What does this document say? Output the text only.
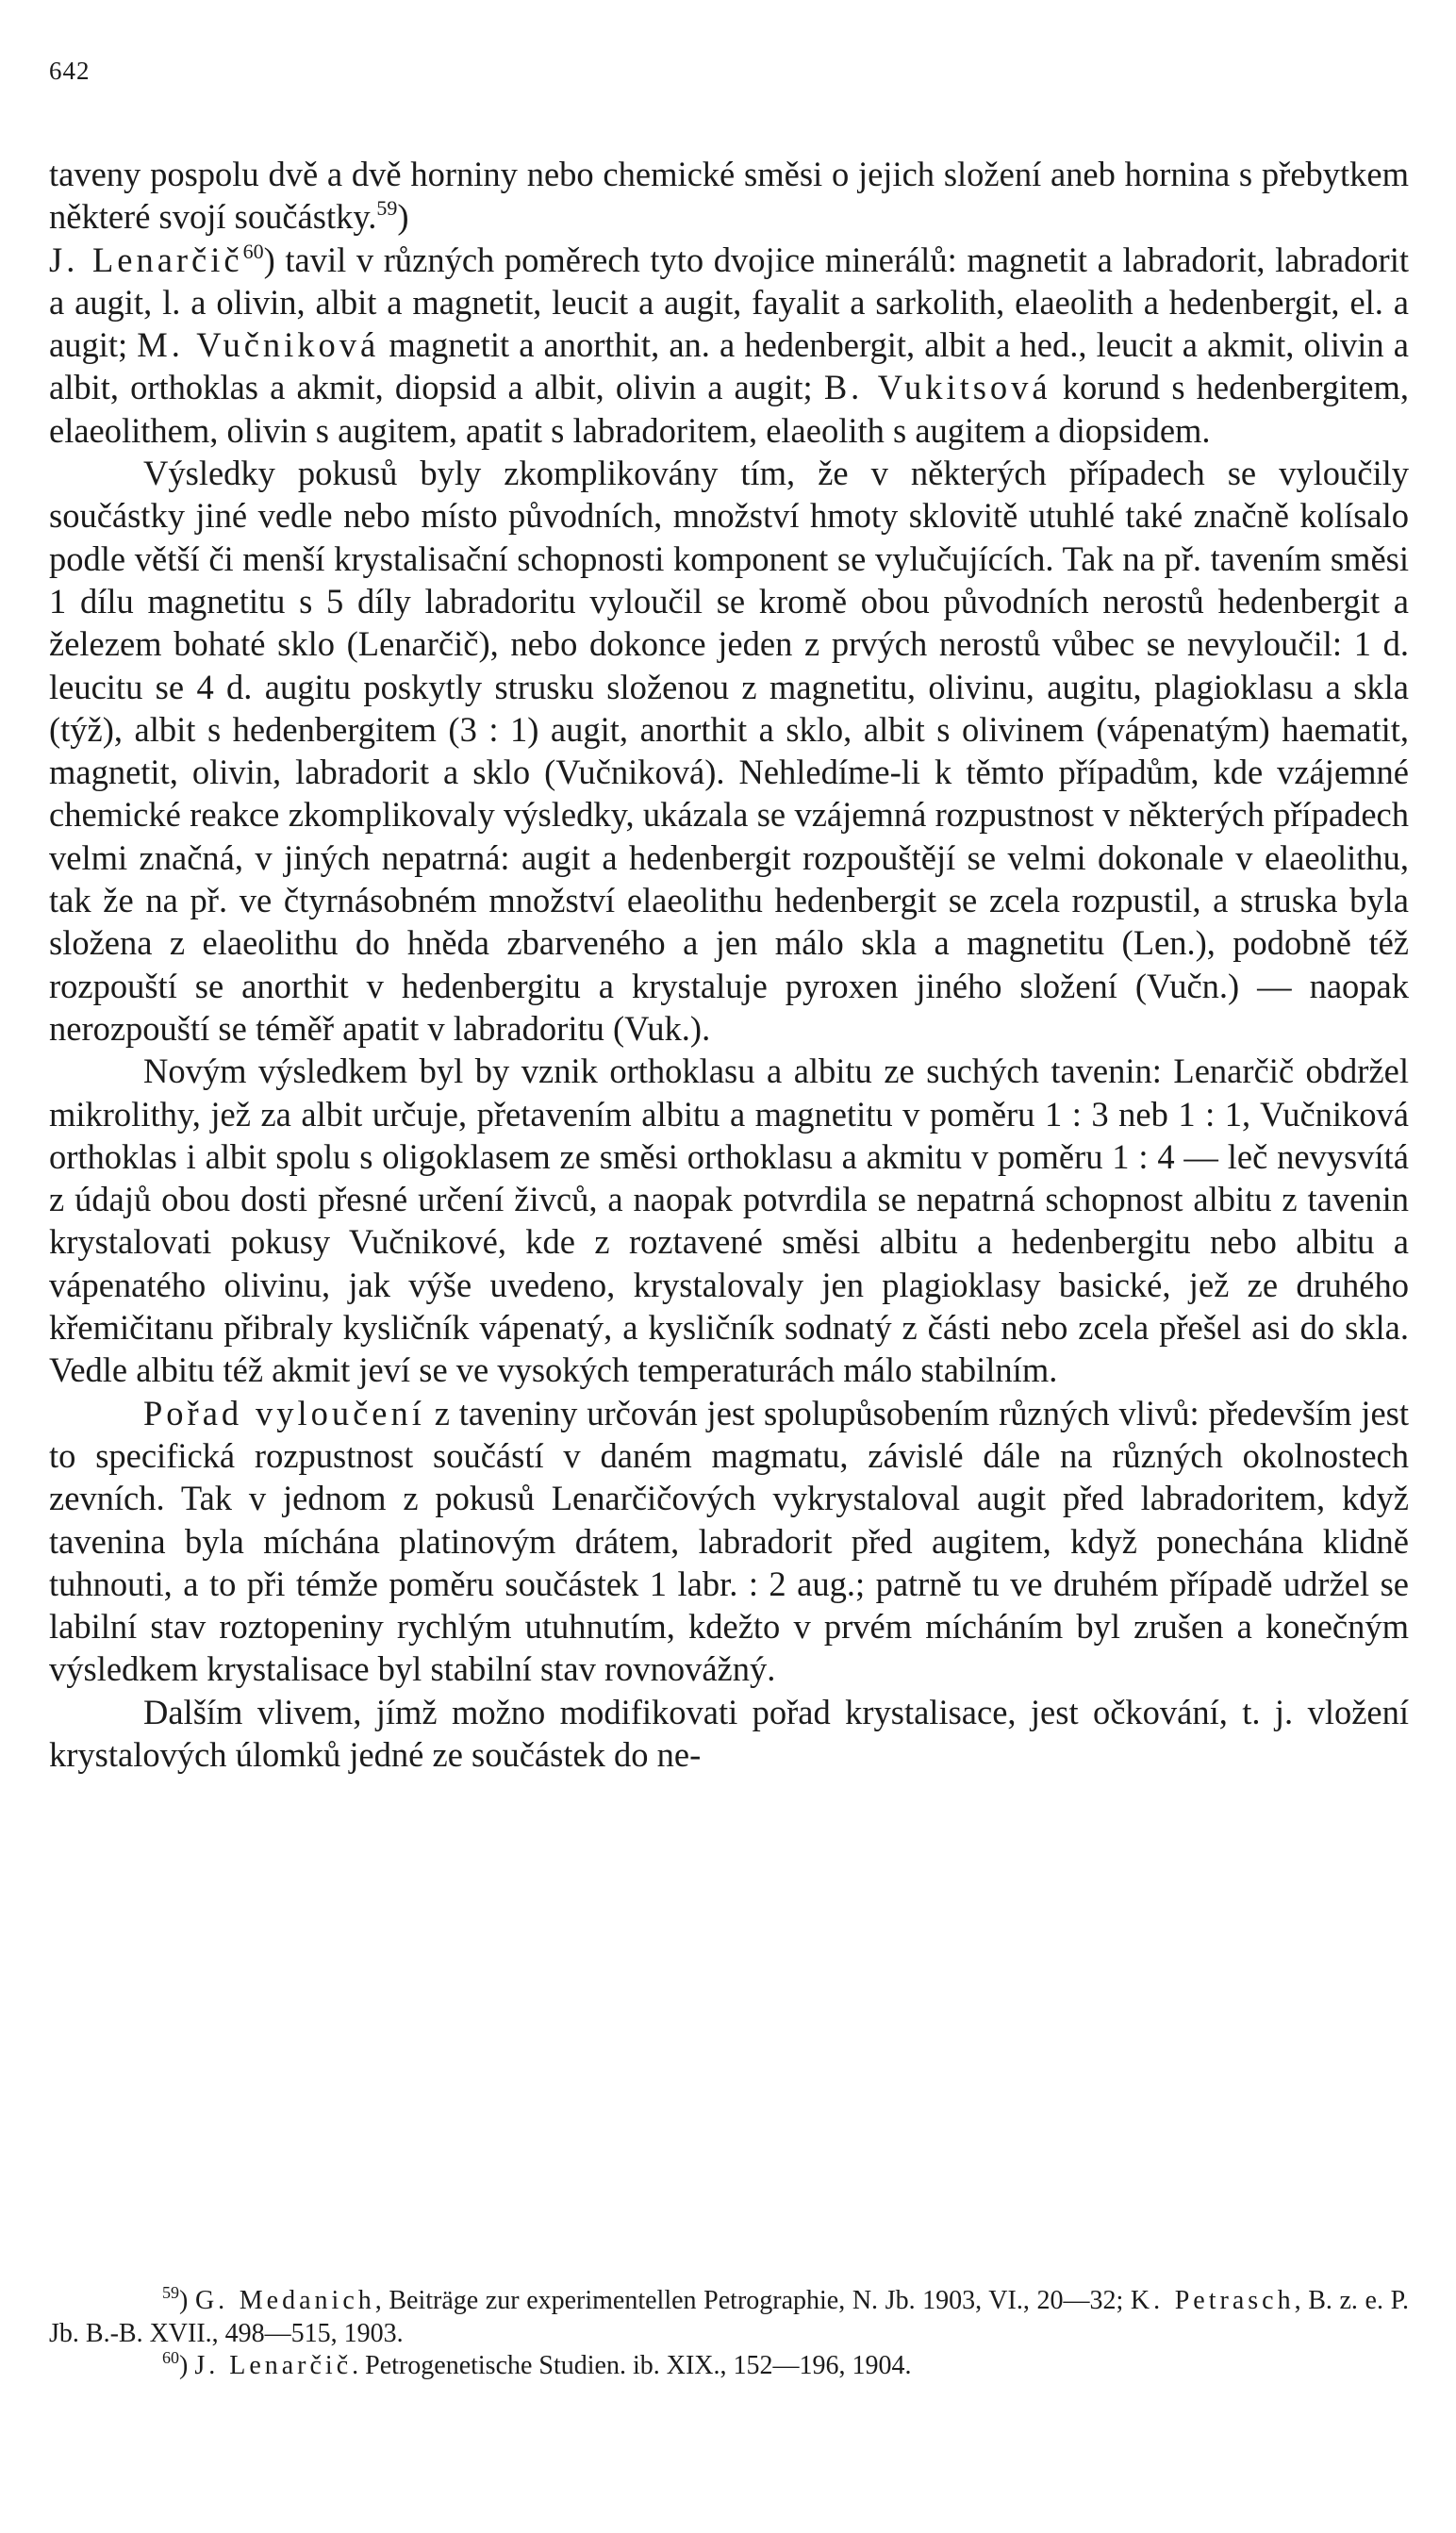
642

taveny pospolu dvě a dvě horniny nebo chemické směsi o jejich složení aneb hornina s přebytkem některé svojí součástky.$^{59}$)

J. Lenarčič$^{60}$) tavil v různých poměrech tyto dvojice minerálů: magnetit a labradorit, labradorit a augit, l. a olivin, albit a magnetit, leucit a augit, fayalit a sarkolith, elaeolith a hedenbergit, el. a augit; M. Vučniková magnetit a anorthit, an. a hedenbergit, albit a hed., leucit a akmit, olivin a albit, orthoklas a akmit, diopsid a albit, olivin a augit; B. Vukitsová korund s hedenbergitem, elaeolithem, olivin s augitem, apatit s labradoritem, elaeolith s augitem a diopsidem.

Výsledky pokusů byly zkomplikovány tím, že v některých případech se vyloučily součástky jiné vedle nebo místo původních, množství hmoty sklovitě utuhlé také značně kolísalo podle větší či menší krystalisační schopnosti komponent se vylučujících. Tak na př. tavením směsi 1 dílu magnetitu s 5 díly labradoritu vyloučil se kromě obou původních nerostů hedenbergit a železem bohaté sklo (Lenarčič), nebo dokonce jeden z prvých nerostů vůbec se nevyloučil: 1 d. leucitu se 4 d. augitu poskytly strusku složenou z magnetitu, olivinu, augitu, plagioklasu a skla (týž), albit s hedenbergitem (3 : 1) augit, anorthit a sklo, albit s olivinem (vápenatým) haematit, magnetit, olivin, labradorit a sklo (Vučniková). Nehledíme-li k těmto případům, kde vzájemné chemické reakce zkomplikovaly výsledky, ukázala se vzájemná rozpustnost v některých případech velmi značná, v jiných nepatrná: augit a hedenbergit rozpouštějí se velmi dokonale v elaeolithu, tak že na př. ve čtyrnásobném množství elaeolithu hedenbergit se zcela rozpustil, a struska byla složena z elaeolithu do hněda zbarveného a jen málo skla a magnetitu (Len.), podobně též rozpouští se anorthit v hedenbergitu a krystaluje pyroxen jiného složení (Vučn.) — naopak nerozpouští se téměř apatit v labradoritu (Vuk.).

Novým výsledkem byl by vznik orthoklasu a albitu ze suchých tavenin: Lenarčič obdržel mikrolithy, jež za albit určuje, přetavením albitu a magnetitu v poměru 1 : 3 neb 1 : 1, Vučniková orthoklas i albit spolu s oligoklasem ze směsi orthoklasu a akmitu v poměru 1 : 4 — leč nevysvítá z údajů obou dosti přesné určení živců, a naopak potvrdila se nepatrná schopnost albitu z tavenin krystalovati pokusy Vučnikové, kde z roztavené směsi albitu a hedenbergitu nebo albitu a vápenatého olivinu, jak výše uvedeno, krystalovaly jen plagioklasy basické, jež ze druhého křemičitanu přibraly kysličník vápenatý, a kysličník sodnatý z části nebo zcela přešel asi do skla. Vedle albitu též akmit jeví se ve vysokých temperaturách málo stabilním.

Pořad vyloučení z taveniny určován jest spolupůsobením různých vlivů: především jest to specifická rozpustnost součástí v daném magmatu, závislé dále na různých okolnostech zevních. Tak v jednom z pokusů Lenarčičových vykrystaloval augit před labradoritem, když tavenina byla míchána platinovým drátem, labradorit před augitem, když ponechána klidně tuhnouti, a to při témže poměru součástek 1 labr. : 2 aug.; patrně tu ve druhém případě udržel se labilní stav roztopeniny rychlým utuhnutím, kdežto v prvém mícháním byl zrušen a konečným výsledkem krystalisace byl stabilní stav rovnovážný.

Dalším vlivem, jímž možno modifikovati pořad krystalisace, jest očkování, t. j. vložení krystalových úlomků jedné ze součástek do ne-

$^{59}$) G. Medanich, Beiträge zur experimentellen Petrographie, N. Jb. 1903, VI., 20—32; K. Petrasch, B. z. e. P. Jb. B.-B. XVII., 498—515, 1903.

$^{60}$) J. Lenarčič. Petrogenetische Studien. ib. XIX., 152—196, 1904.
